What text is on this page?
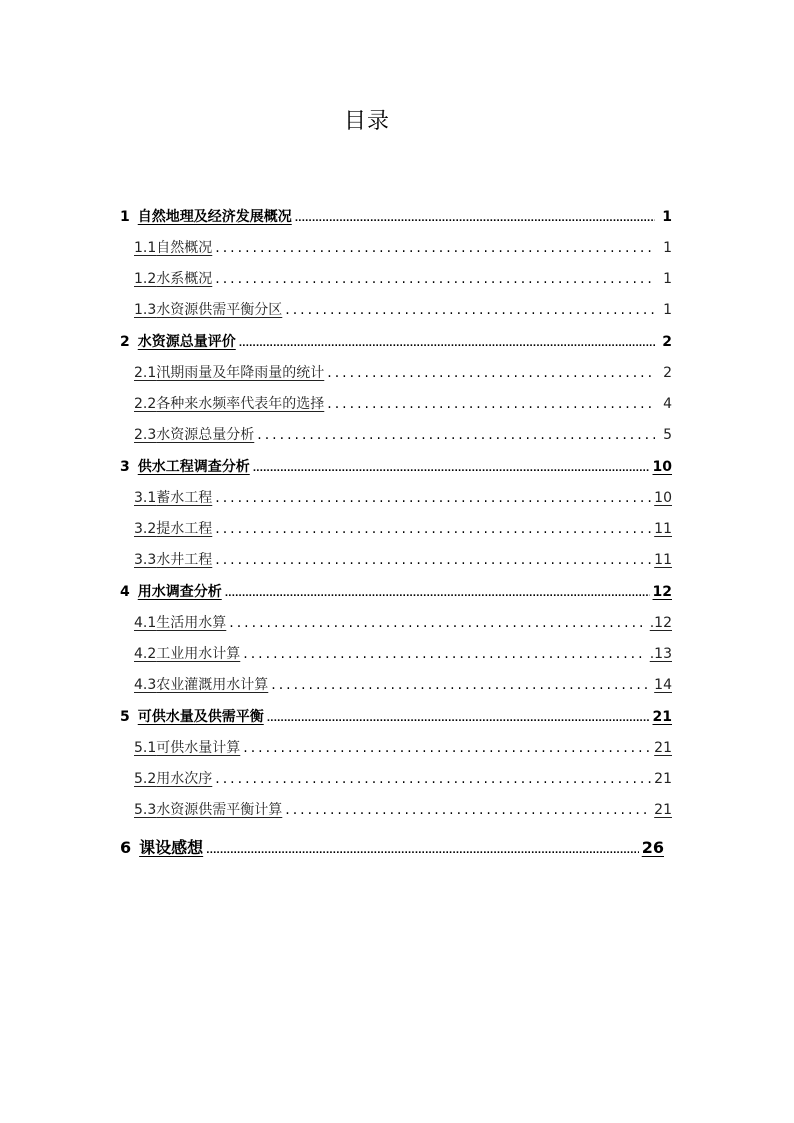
目录
1 自然地理及经济发展概况 .....	1
1.1自然概况 .....	1
1.2水系概况 .....	1
1.3水资源供需平衡分区 .....	1
2 水资源总量评价 .....	2
2.1汛期雨量及年降雨量的统计 .....	2
2.2各种来水频率代表年的选择 .....	4
2.3水资源总量分析 .....	5
3 供水工程调查分析 .....	10
3.1蓄水工程 .....	10
3.2提水工程 .....	11
3.3水井工程 .....	11
4 用水调查分析 .....	12
4.1生活用水算 .....	.12
4.2工业用水计算 .....	.13
4.3农业灌溉用水计算 .....	14
5 可供水量及供需平衡 .....	21
5.1可供水量计算 .....	21
5.2用水次序 .....	21
5.3水资源供需平衡计算 .....	21
6 课设感想 .....	26
